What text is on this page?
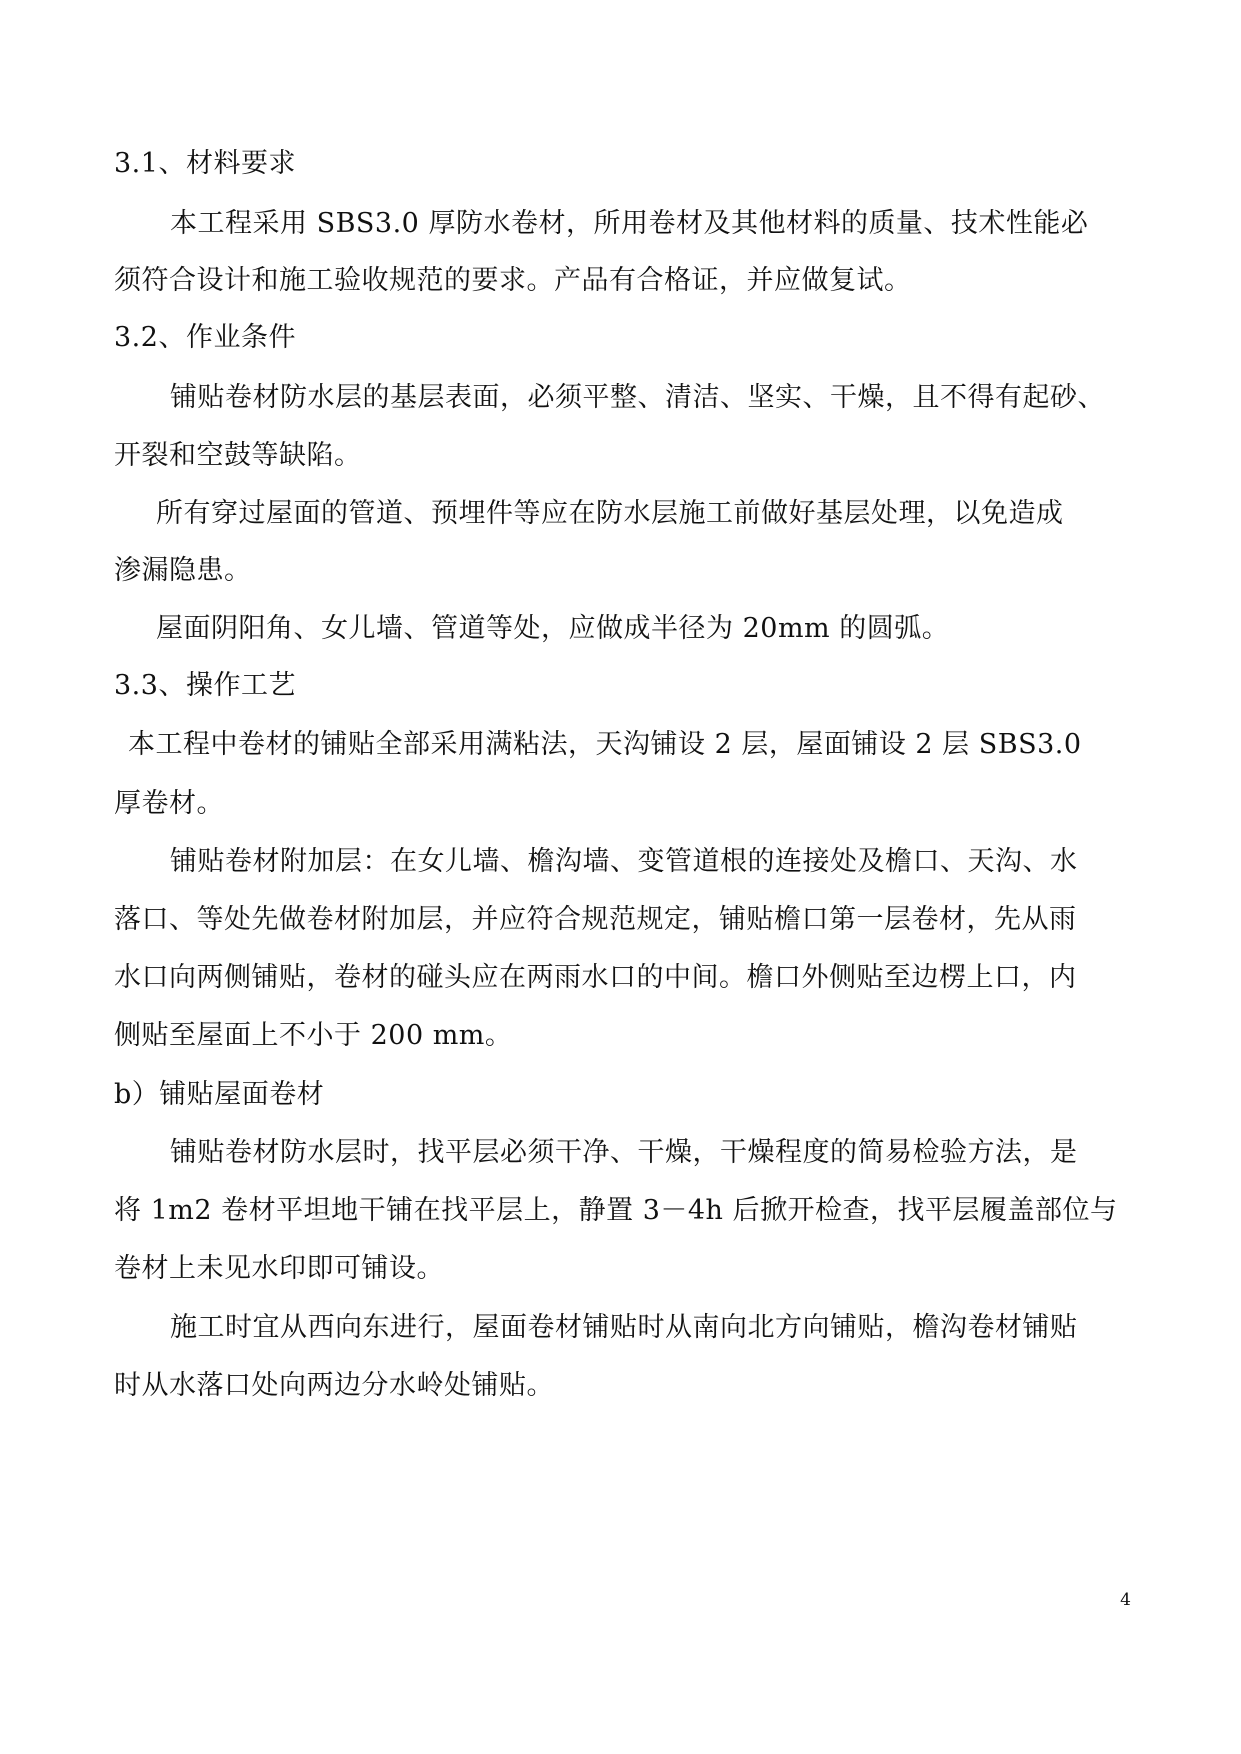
3.1、材料要求
本工程采用 SBS3.0 厚防水卷材，所用卷材及其他材料的质量、技术性能必
须符合设计和施工验收规范的要求。产品有合格证，并应做复试。
3.2、作业条件
铺贴卷材防水层的基层表面，必须平整、清洁、坚实、干燥，且不得有起砂、
开裂和空鼓等缺陷。
所有穿过屋面的管道、预埋件等应在防水层施工前做好基层处理，以免造成
渗漏隐患。
屋面阴阳角、女儿墙、管道等处，应做成半径为 20mm 的圆弧。
3.3、操作工艺
本工程中卷材的铺贴全部采用满粘法，天沟铺设 2 层，屋面铺设 2 层 SBS3.0
厚卷材。
铺贴卷材附加层：在女儿墙、檐沟墙、变管道根的连接处及檐口、天沟、水
落口、等处先做卷材附加层，并应符合规范规定，铺贴檐口第一层卷材，先从雨
水口向两侧铺贴，卷材的碰头应在两雨水口的中间。檐口外侧贴至边楞上口，内
侧贴至屋面上不小于 200 mm。
b）铺贴屋面卷材
铺贴卷材防水层时，找平层必须干净、干燥，干燥程度的简易检验方法，是
将 1m2 卷材平坦地干铺在找平层上，静置 3－4h 后掀开检查，找平层履盖部位与
卷材上未见水印即可铺设。
施工时宜从西向东进行，屋面卷材铺贴时从南向北方向铺贴，檐沟卷材铺贴
时从水落口处向两边分水岭处铺贴。
4
